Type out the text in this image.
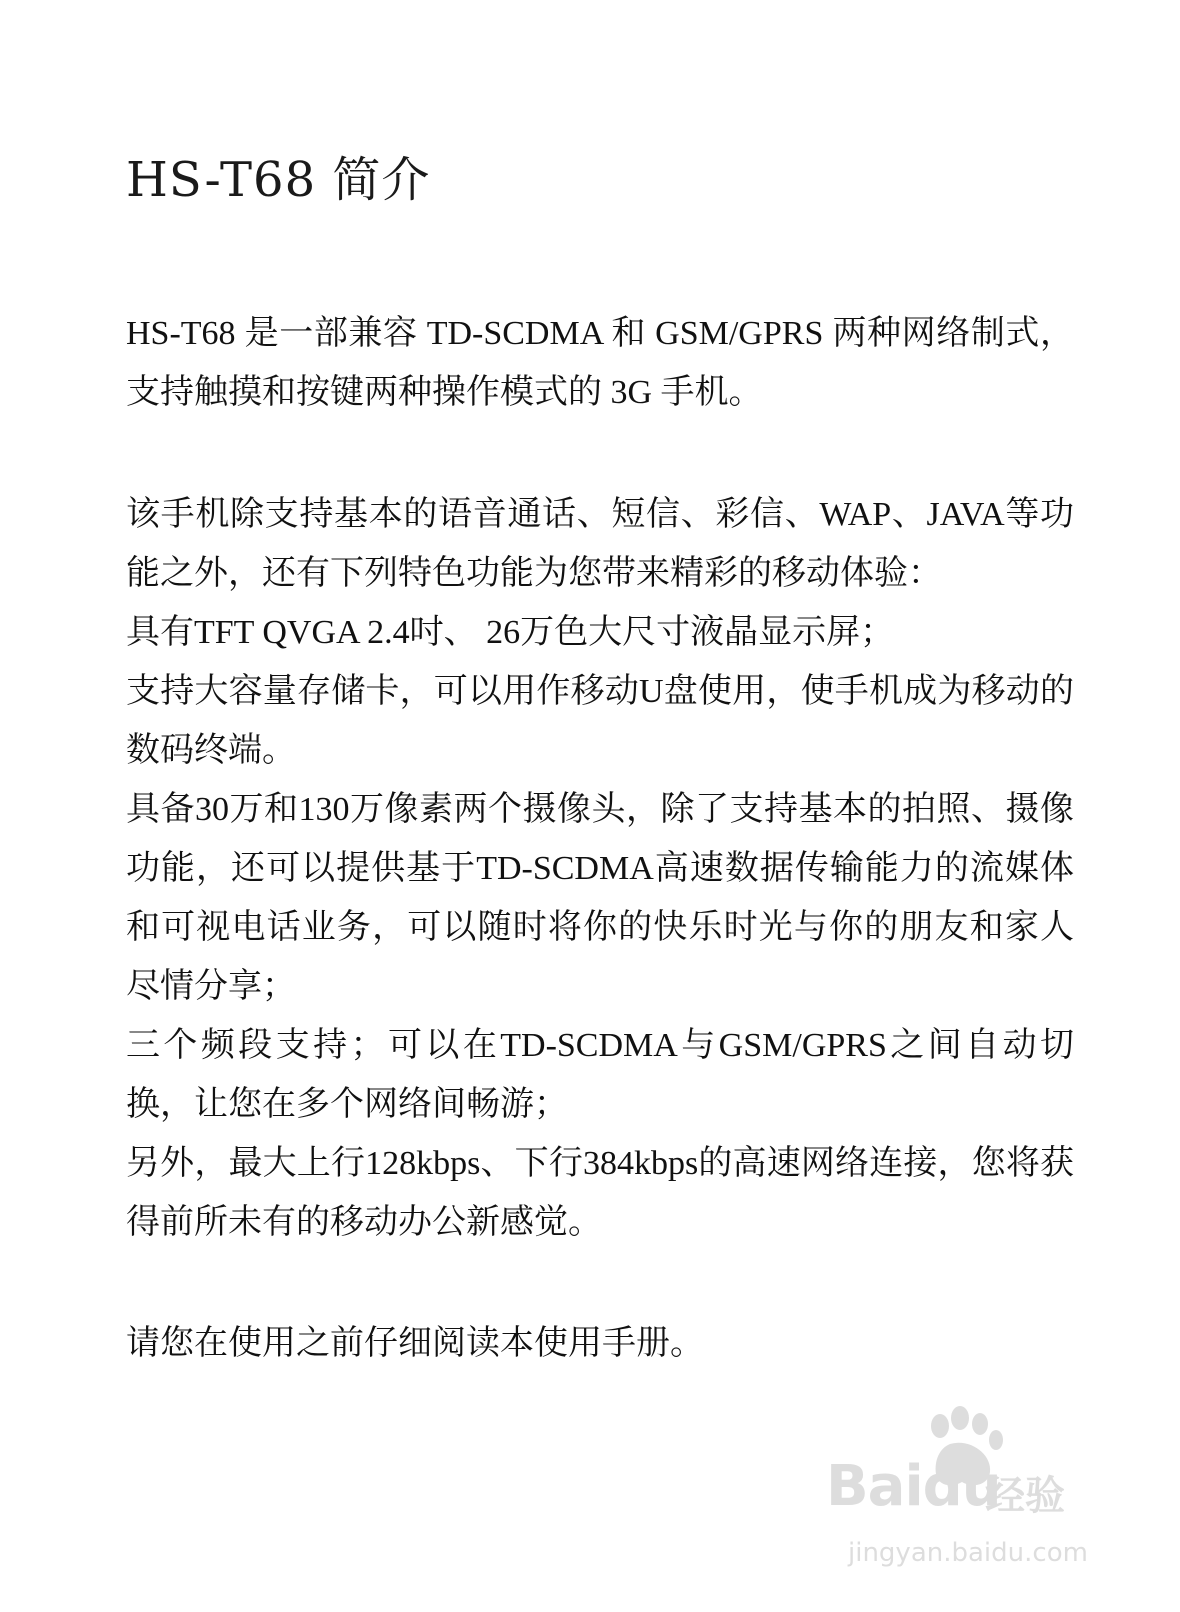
HS-T68 简介

HS-T68 是一部兼容 TD-SCDMA 和 GSM/GPRS 两种网络制式，支持触摸和按键两种操作模式的 3G 手机。

该手机除支持基本的语音通话、短信、彩信、WAP、JAVA等功能之外，还有下列特色功能为您带来精彩的移动体验：

具有TFT QVGA 2.4吋、 26万色大尺寸液晶显示屏；

支持大容量存储卡，可以用作移动U盘使用，使手机成为移动的数码终端。

具备30万和130万像素两个摄像头，除了支持基本的拍照、摄像功能，还可以提供基于TD-SCDMA高速数据传输能力的流媒体和可视电话业务，可以随时将你的快乐时光与你的朋友和家人尽情分享；

三个频段支持；可以在TD-SCDMA与GSM/GPRS之间自动切换，让您在多个网络间畅游；

另外，最大上行128kbps、下行384kbps的高速网络连接，您将获得前所未有的移动办公新感觉。

请您在使用之前仔细阅读本使用手册。

Baidu
经验
jingyan.baidu.com
